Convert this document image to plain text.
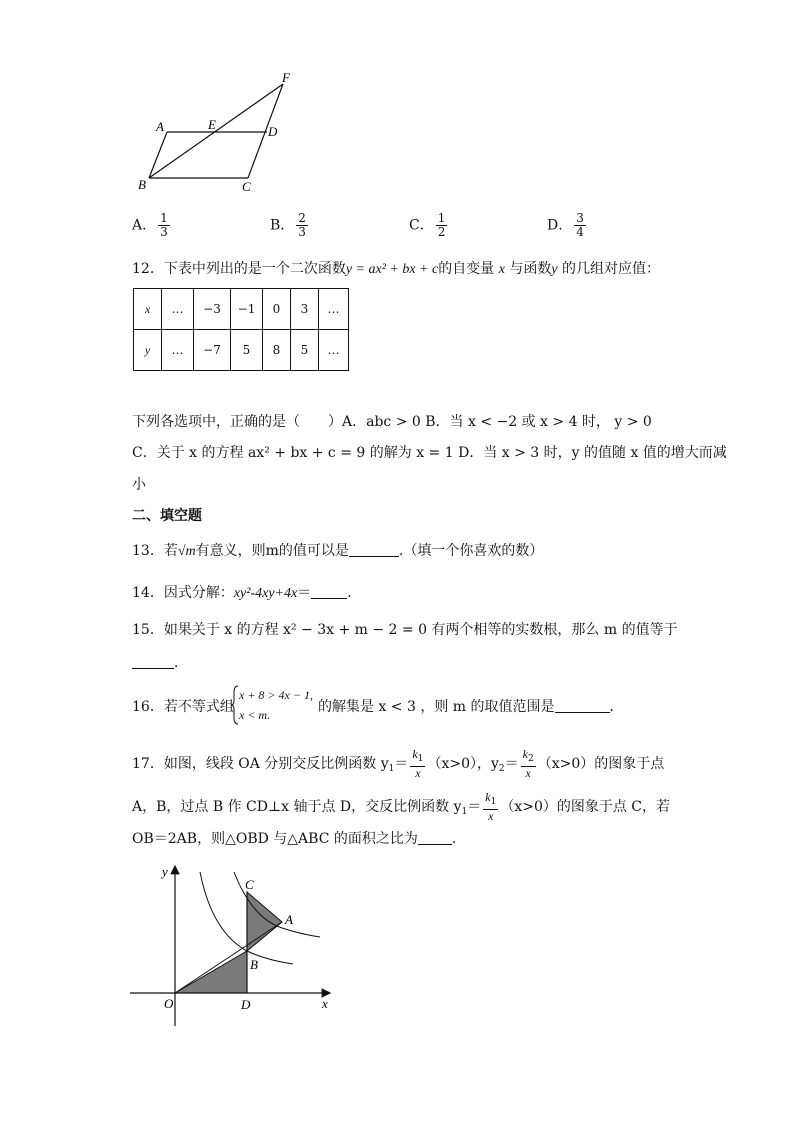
A	E
F
D
B	C
A． $\frac{1}{3}$	B． $\frac{2}{3}$	C． $\frac{1}{2}$	D． $\frac{3}{4}$
12．下表中列出的是一个二次函数y = ax² + bx + c的自变量 x 与函数y 的几组对应值：
x	…	−3	−1	0	3	…
y	…	−7	5	8	5	…
下列各选项中，正确的是（　　）A．abc > 0 B．当 x < −2 或 x > 4 时， y > 0
C．关于 x 的方程 ax² + bx + c = 9 的解为 x = 1 D．当 x > 3 时，y 的值随 x 值的增大而减
小
二、填空题
13．若√m有意义，则m的值可以是	.（填一个你喜欢的数）
14．因式分解：xy²-4xy+4x＝	．
15．如果关于 x 的方程 x² − 3x + m − 2 = 0 有两个相等的实数根，那么 m 的值等于
．
16．若不等式组
x + 8 > 4x − 1,
x < m.	的解集是 x < 3 ，则 m 的取值范围是	．
17．如图，线段 OA 分别交反比例函数 $y_1= \frac{k_1}{x} (x>0)$，$y_2= \frac{k_2}{x} (x>0)$的图象于点
A，B，过点 B 作 CD⊥x 轴于点 D，交反比例函数 $y_1= \frac{k_1}{x} (x>0)$的图象于点 C，若
OB＝2AB，则△OBD 与△ABC 的面积之比为 ．
y
x
O	D
B
C
A
